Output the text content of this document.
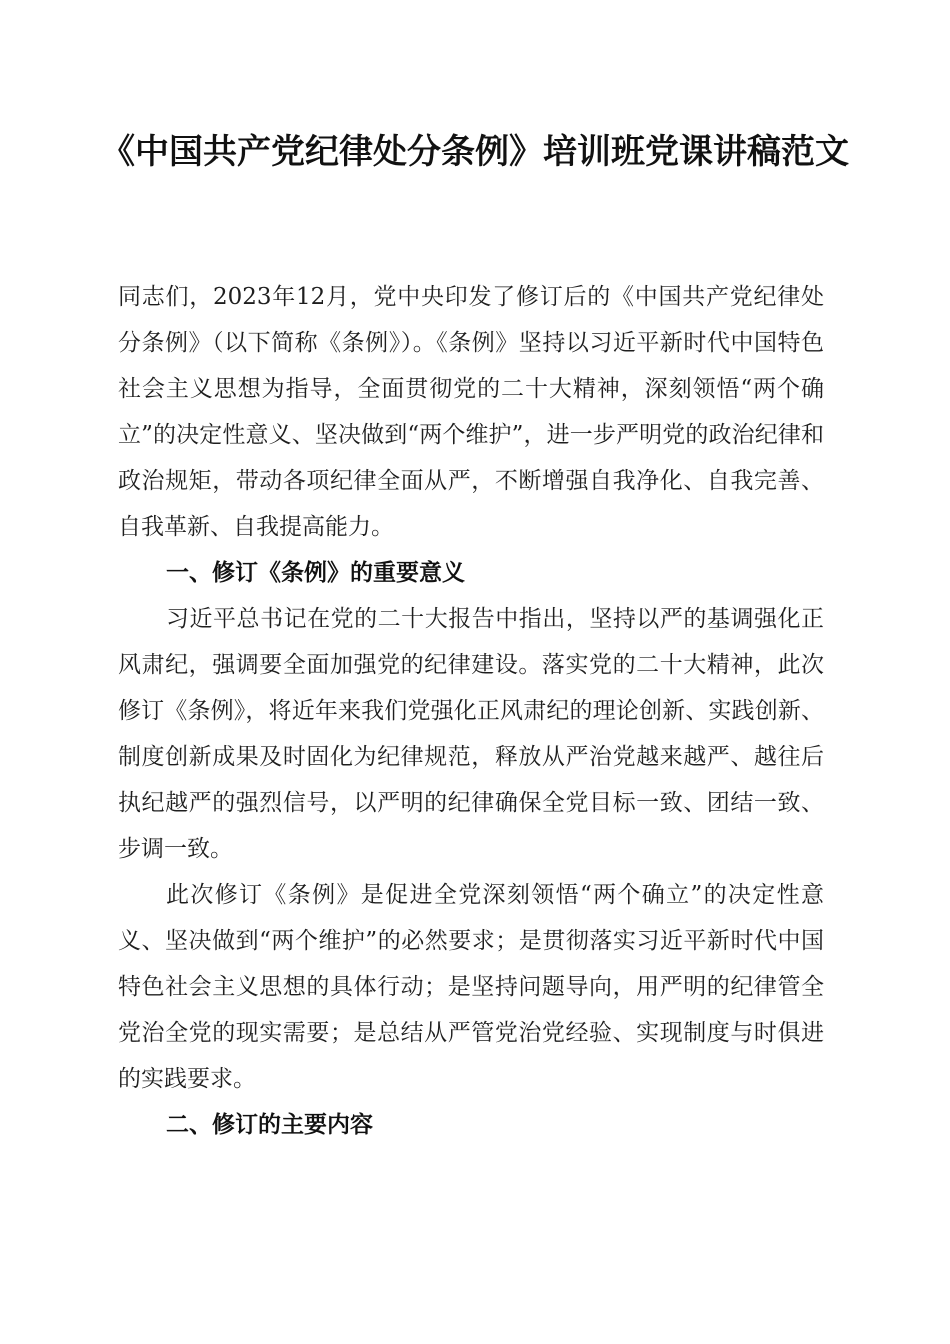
《中国共产党纪律处分条例》培训班党课讲稿范文

同志们，2023年12月，党中央印发了修订后的《中国共产党纪律处分条例》（以下简称《条例》）。《条例》坚持以习近平新时代中国特色社会主义思想为指导，全面贯彻党的二十大精神，深刻领悟“两个确立”的决定性意义、坚决做到“两个维护”，进一步严明党的政治纪律和政治规矩，带动各项纪律全面从严，不断增强自我净化、自我完善、自我革新、自我提高能力。

一、修订《条例》的重要意义

习近平总书记在党的二十大报告中指出，坚持以严的基调强化正风肃纪，强调要全面加强党的纪律建设。落实党的二十大精神，此次修订《条例》，将近年来我们党强化正风肃纪的理论创新、实践创新、制度创新成果及时固化为纪律规范，释放从严治党越来越严、越往后执纪越严的强烈信号，以严明的纪律确保全党目标一致、团结一致、步调一致。

此次修订《条例》是促进全党深刻领悟“两个确立”的决定性意义、坚决做到“两个维护”的必然要求；是贯彻落实习近平新时代中国特色社会主义思想的具体行动；是坚持问题导向，用严明的纪律管全党治全党的现实需要；是总结从严管党治党经验、实现制度与时俱进的实践要求。

二、修订的主要内容
